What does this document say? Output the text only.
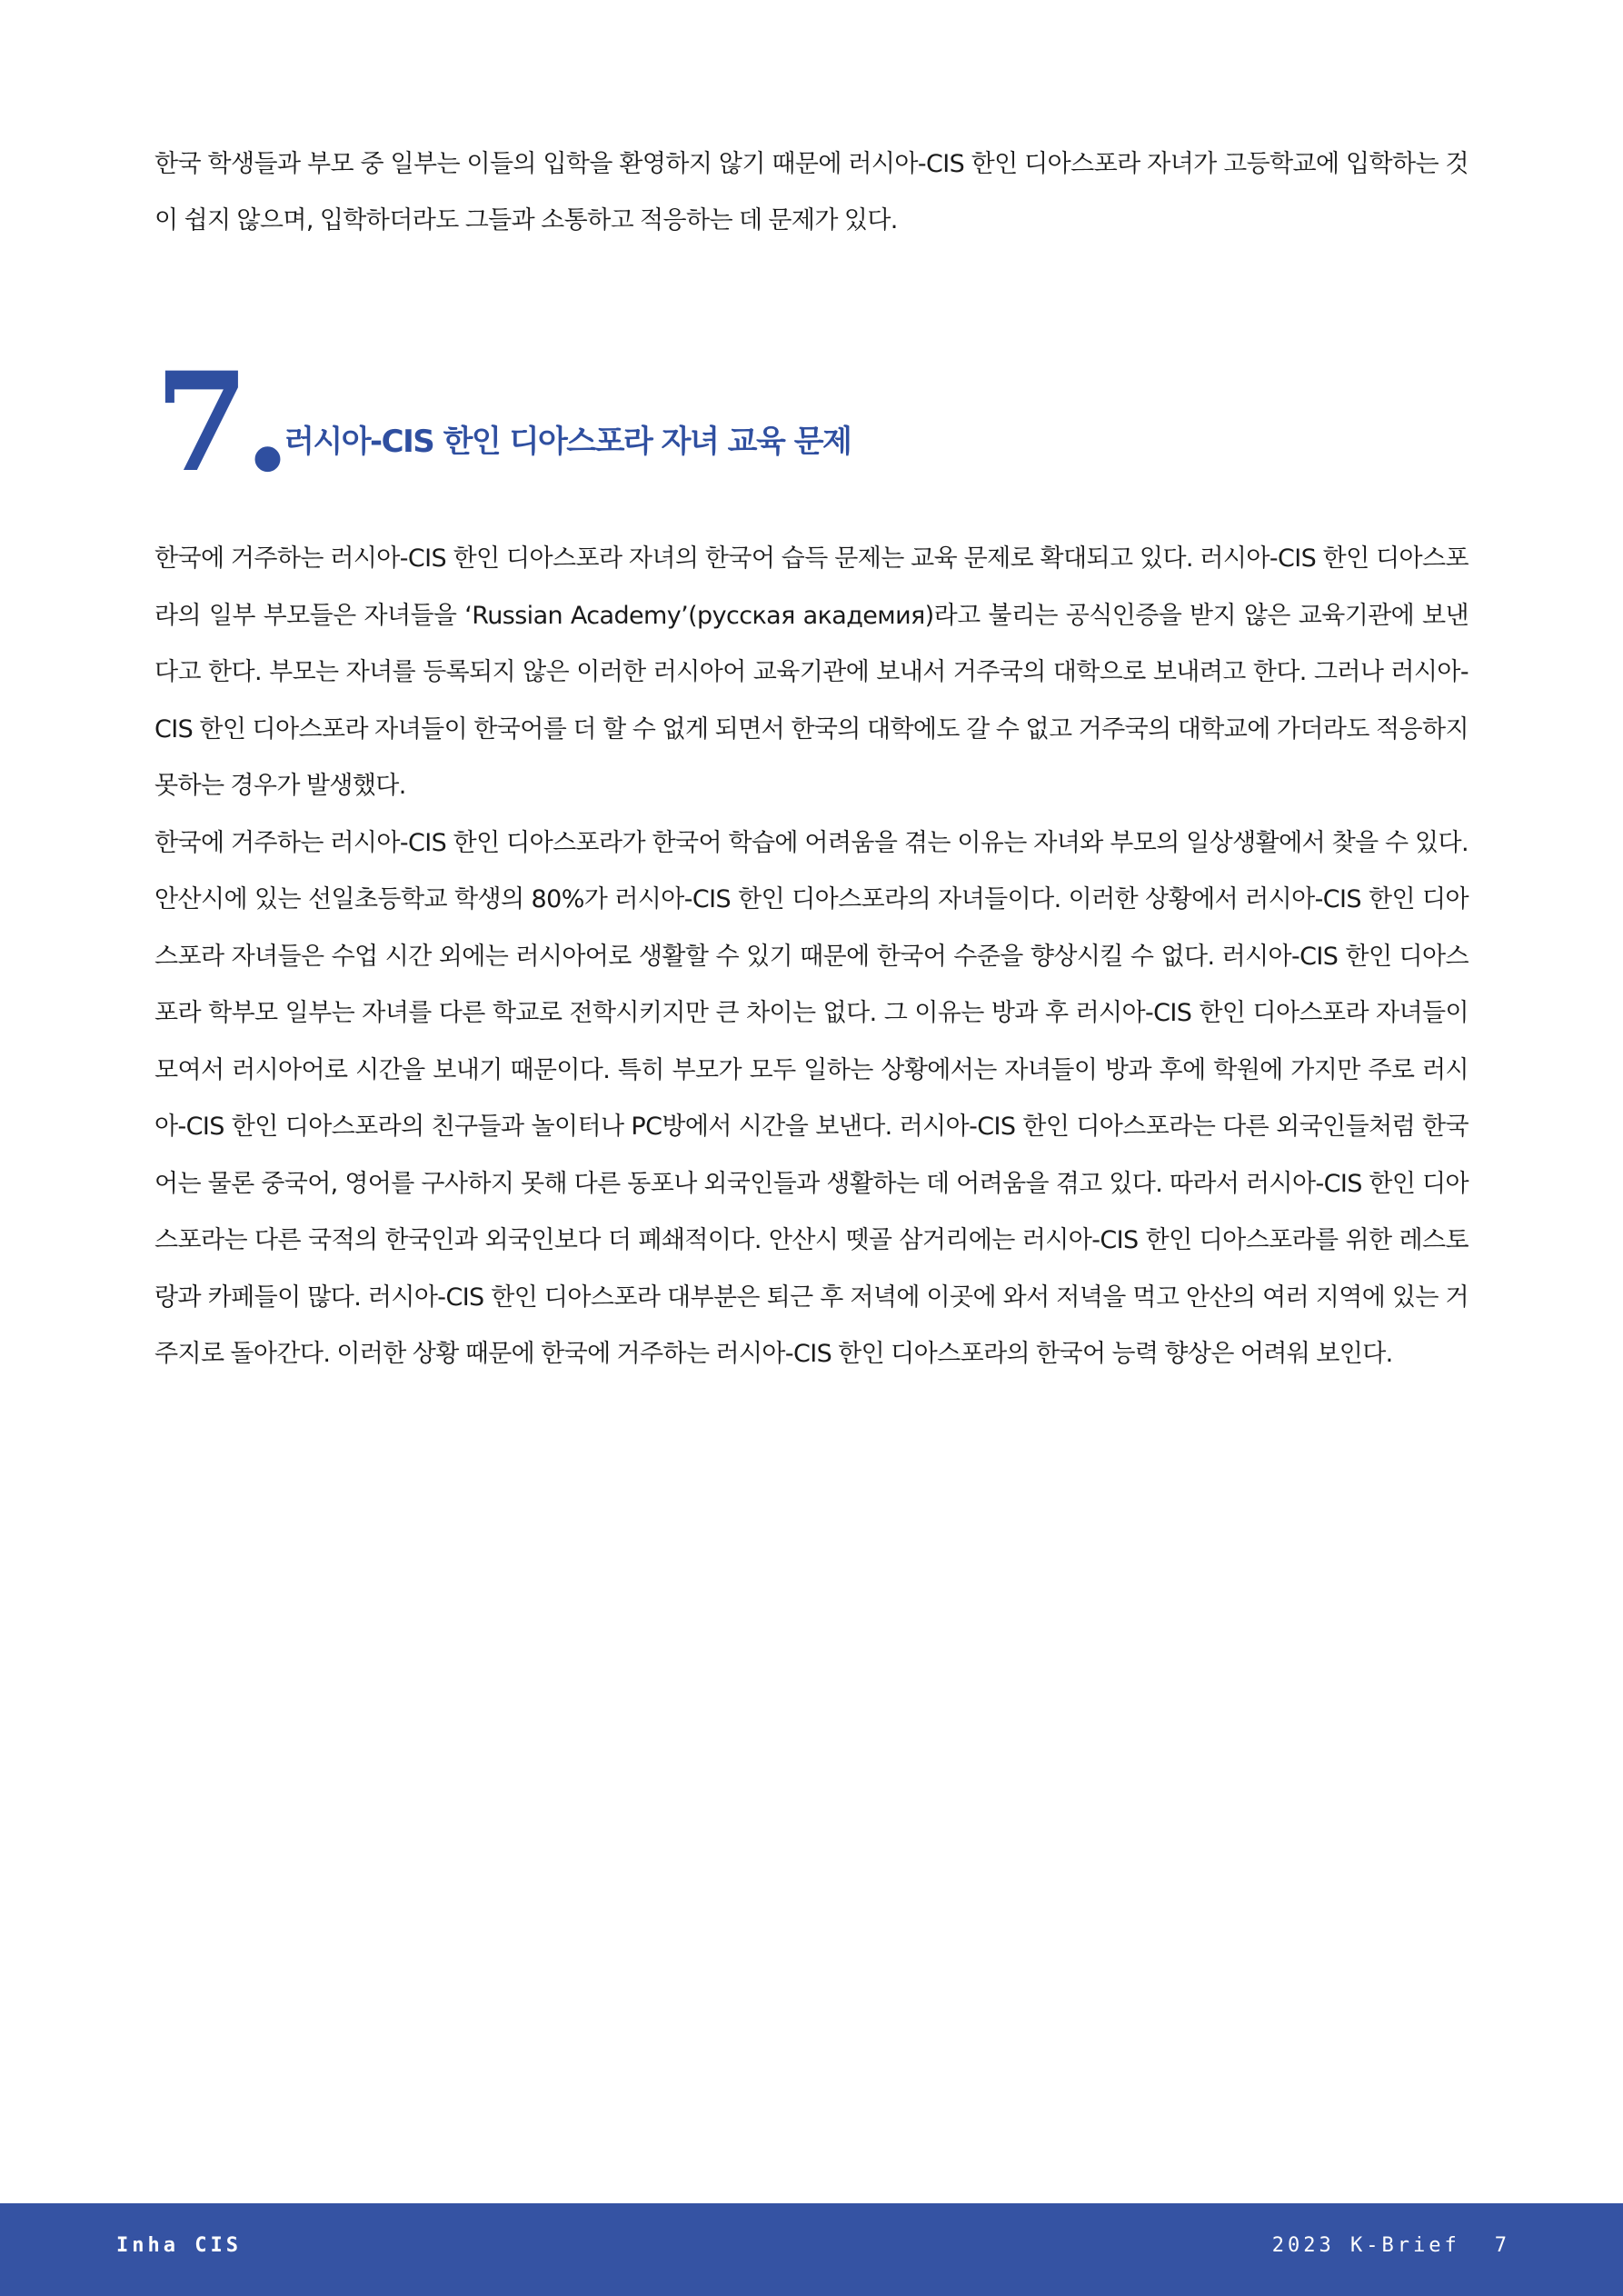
한국 학생들과 부모 중 일부는 이들의 입학을 환영하지 않기 때문에 러시아-CIS 한인 디아스포라 자녀가 고등학교에 입학하는 것이 쉽지 않으며, 입학하더라도 그들과 소통하고 적응하는 데 문제가 있다.

7.
러시아-CIS 한인 디아스포라 자녀 교육 문제

한국에 거주하는 러시아-CIS 한인 디아스포라 자녀의 한국어 습득 문제는 교육 문제로 확대되고 있다. 러시아-CIS 한인 디아스포라의 일부 부모들은 자녀들을 ‘Russian Academy’(русская академия)라고 불리는 공식인증을 받지 않은 교육기관에 보낸다고 한다. 부모는 자녀를 등록되지 않은 이러한 러시아어 교육기관에 보내서 거주국의 대학으로 보내려고 한다. 그러나 러시아-CIS 한인 디아스포라 자녀들이 한국어를 더 할 수 없게 되면서 한국의 대학에도 갈 수 없고 거주국의 대학교에 가더라도 적응하지 못하는 경우가 발생했다.

한국에 거주하는 러시아-CIS 한인 디아스포라가 한국어 학습에 어려움을 겪는 이유는 자녀와 부모의 일상생활에서 찾을 수 있다. 안산시에 있는 선일초등학교 학생의 80%가 러시아-CIS 한인 디아스포라의 자녀들이다. 이러한 상황에서 러시아-CIS 한인 디아스포라 자녀들은 수업 시간 외에는 러시아어로 생활할 수 있기 때문에 한국어 수준을 향상시킬 수 없다. 러시아-CIS 한인 디아스포라 학부모 일부는 자녀를 다른 학교로 전학시키지만 큰 차이는 없다. 그 이유는 방과 후 러시아-CIS 한인 디아스포라 자녀들이 모여서 러시아어로 시간을 보내기 때문이다. 특히 부모가 모두 일하는 상황에서는 자녀들이 방과 후에 학원에 가지만 주로 러시아-CIS 한인 디아스포라의 친구들과 놀이터나 PC방에서 시간을 보낸다. 러시아-CIS 한인 디아스포라는 다른 외국인들처럼 한국어는 물론 중국어, 영어를 구사하지 못해 다른 동포나 외국인들과 생활하는 데 어려움을 겪고 있다. 따라서 러시아-CIS 한인 디아스포라는 다른 국적의 한국인과 외국인보다 더 폐쇄적이다. 안산시 뗏골 삼거리에는 러시아-CIS 한인 디아스포라를 위한 레스토랑과 카페들이 많다. 러시아-CIS 한인 디아스포라 대부분은 퇴근 후 저녁에 이곳에 와서 저녁을 먹고 안산의 여러 지역에 있는 거주지로 돌아간다. 이러한 상황 때문에 한국에 거주하는 러시아-CIS 한인 디아스포라의 한국어 능력 향상은 어려워 보인다.

Inha CIS	2023 K-Brief 7
